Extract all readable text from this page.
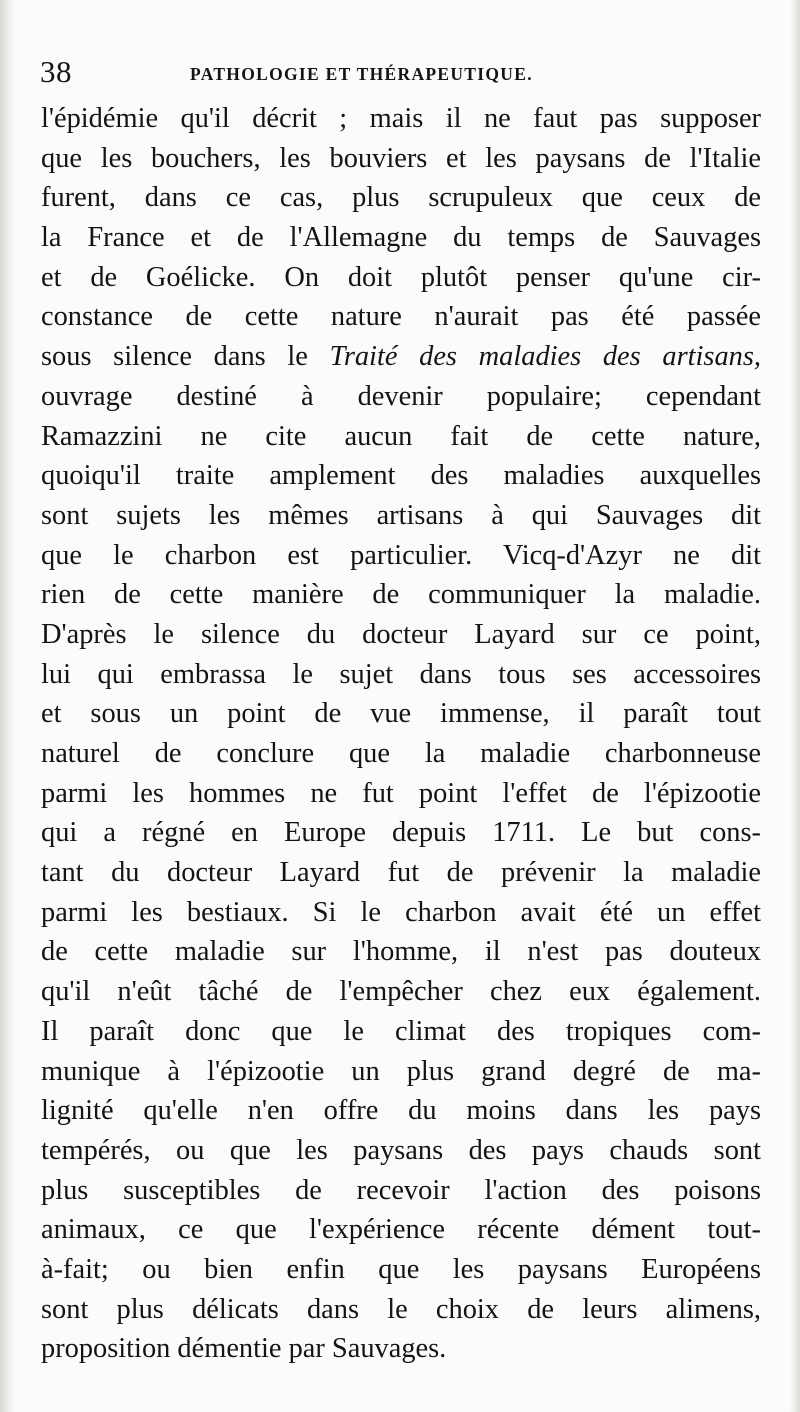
38	PATHOLOGIE ET THÉRAPEUTIQUE.
l'épidémie qu'il décrit ; mais il ne faut pas supposer
que les bouchers, les bouviers et les paysans de l'Italie
furent, dans ce cas, plus scrupuleux que ceux de
la France et de l'Allemagne du temps de Sauvages
et de Goélicke. On doit plutôt penser qu'une cir-
constance de cette nature n'aurait pas été passée
sous silence dans le Traité des maladies des artisans,
ouvrage destiné à devenir populaire; cependant
Ramazzini ne cite aucun fait de cette nature,
quoiqu'il traite amplement des maladies auxquelles
sont sujets les mêmes artisans à qui Sauvages dit
que le charbon est particulier. Vicq-d'Azyr ne dit
rien de cette manière de communiquer la maladie.
D'après le silence du docteur Layard sur ce point,
lui qui embrassa le sujet dans tous ses accessoires
et sous un point de vue immense, il paraît tout
naturel de conclure que la maladie charbonneuse
parmi les hommes ne fut point l'effet de l'épizootie
qui a régné en Europe depuis 1711. Le but cons-
tant du docteur Layard fut de prévenir la maladie
parmi les bestiaux. Si le charbon avait été un effet
de cette maladie sur l'homme, il n'est pas douteux
qu'il n'eût tâché de l'empêcher chez eux également.
Il paraît donc que le climat des tropiques com-
munique à l'épizootie un plus grand degré de ma-
lignité qu'elle n'en offre du moins dans les pays
tempérés, ou que les paysans des pays chauds sont
plus susceptibles de recevoir l'action des poisons
animaux, ce que l'expérience récente dément tout-
à-fait; ou bien enfin que les paysans Européens
sont plus délicats dans le choix de leurs alimens,
proposition démentie par Sauvages.
